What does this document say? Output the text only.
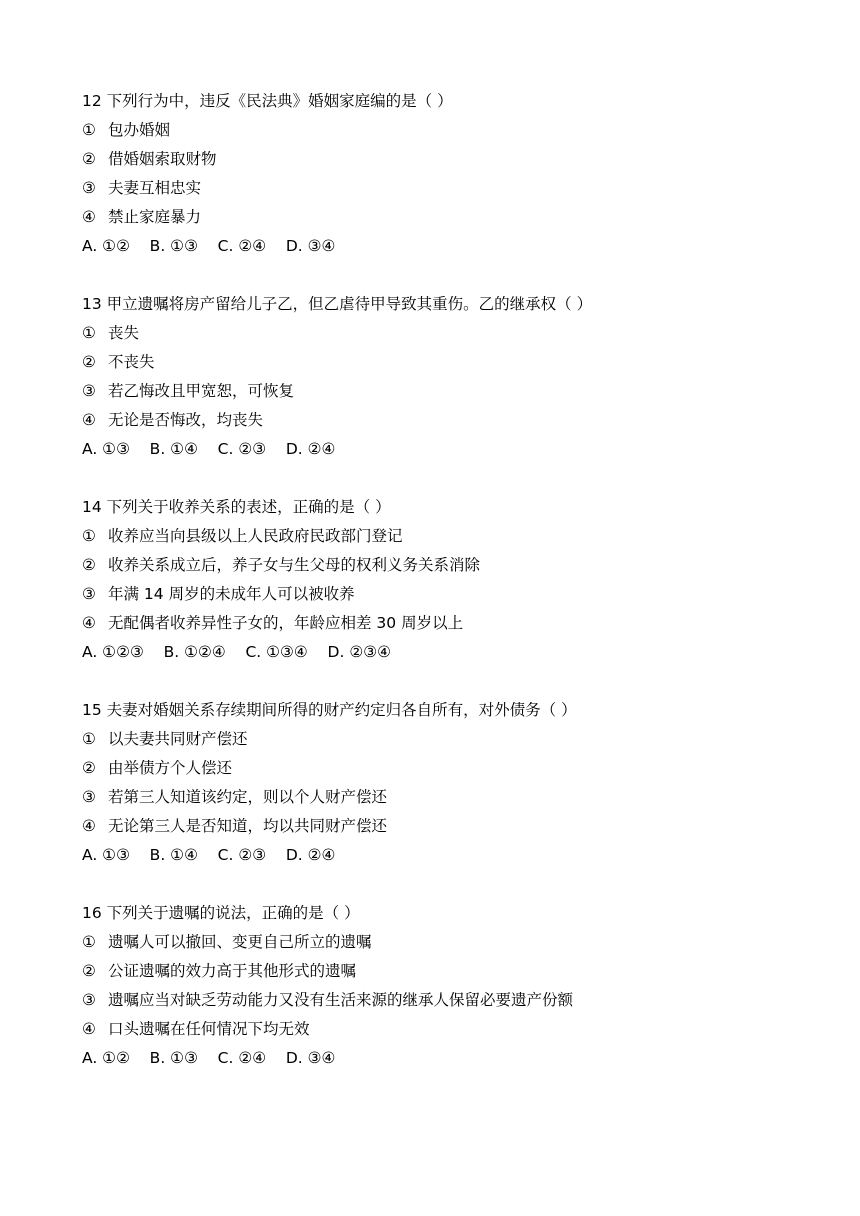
12 下列行为中，违反《民法典》婚姻家庭编的是（ ）
① 包办婚姻
② 借婚姻索取财物
③ 夫妻互相忠实
④ 禁止家庭暴力
A. ①②    B. ①③    C. ②④    D. ③④
13 甲立遗嘱将房产留给儿子乙，但乙虐待甲导致其重伤。乙的继承权（ ）
① 丧失
② 不丧失
③ 若乙悔改且甲宽恕，可恢复
④ 无论是否悔改，均丧失
A. ①③    B. ①④    C. ②③    D. ②④
14 下列关于收养关系的表述，正确的是（ ）
① 收养应当向县级以上人民政府民政部门登记
② 收养关系成立后，养子女与生父母的权利义务关系消除
③ 年满 14 周岁的未成年人可以被收养
④ 无配偶者收养异性子女的，年龄应相差 30 周岁以上
A. ①②③    B. ①②④    C. ①③④    D. ②③④
15 夫妻对婚姻关系存续期间所得的财产约定归各自所有，对外债务（ ）
① 以夫妻共同财产偿还
② 由举债方个人偿还
③ 若第三人知道该约定，则以个人财产偿还
④ 无论第三人是否知道，均以共同财产偿还
A. ①③    B. ①④    C. ②③    D. ②④
16 下列关于遗嘱的说法，正确的是（ ）
① 遗嘱人可以撤回、变更自己所立的遗嘱
② 公证遗嘱的效力高于其他形式的遗嘱
③ 遗嘱应当对缺乏劳动能力又没有生活来源的继承人保留必要遗产份额
④ 口头遗嘱在任何情况下均无效
A. ①②    B. ①③    C. ②④    D. ③④
